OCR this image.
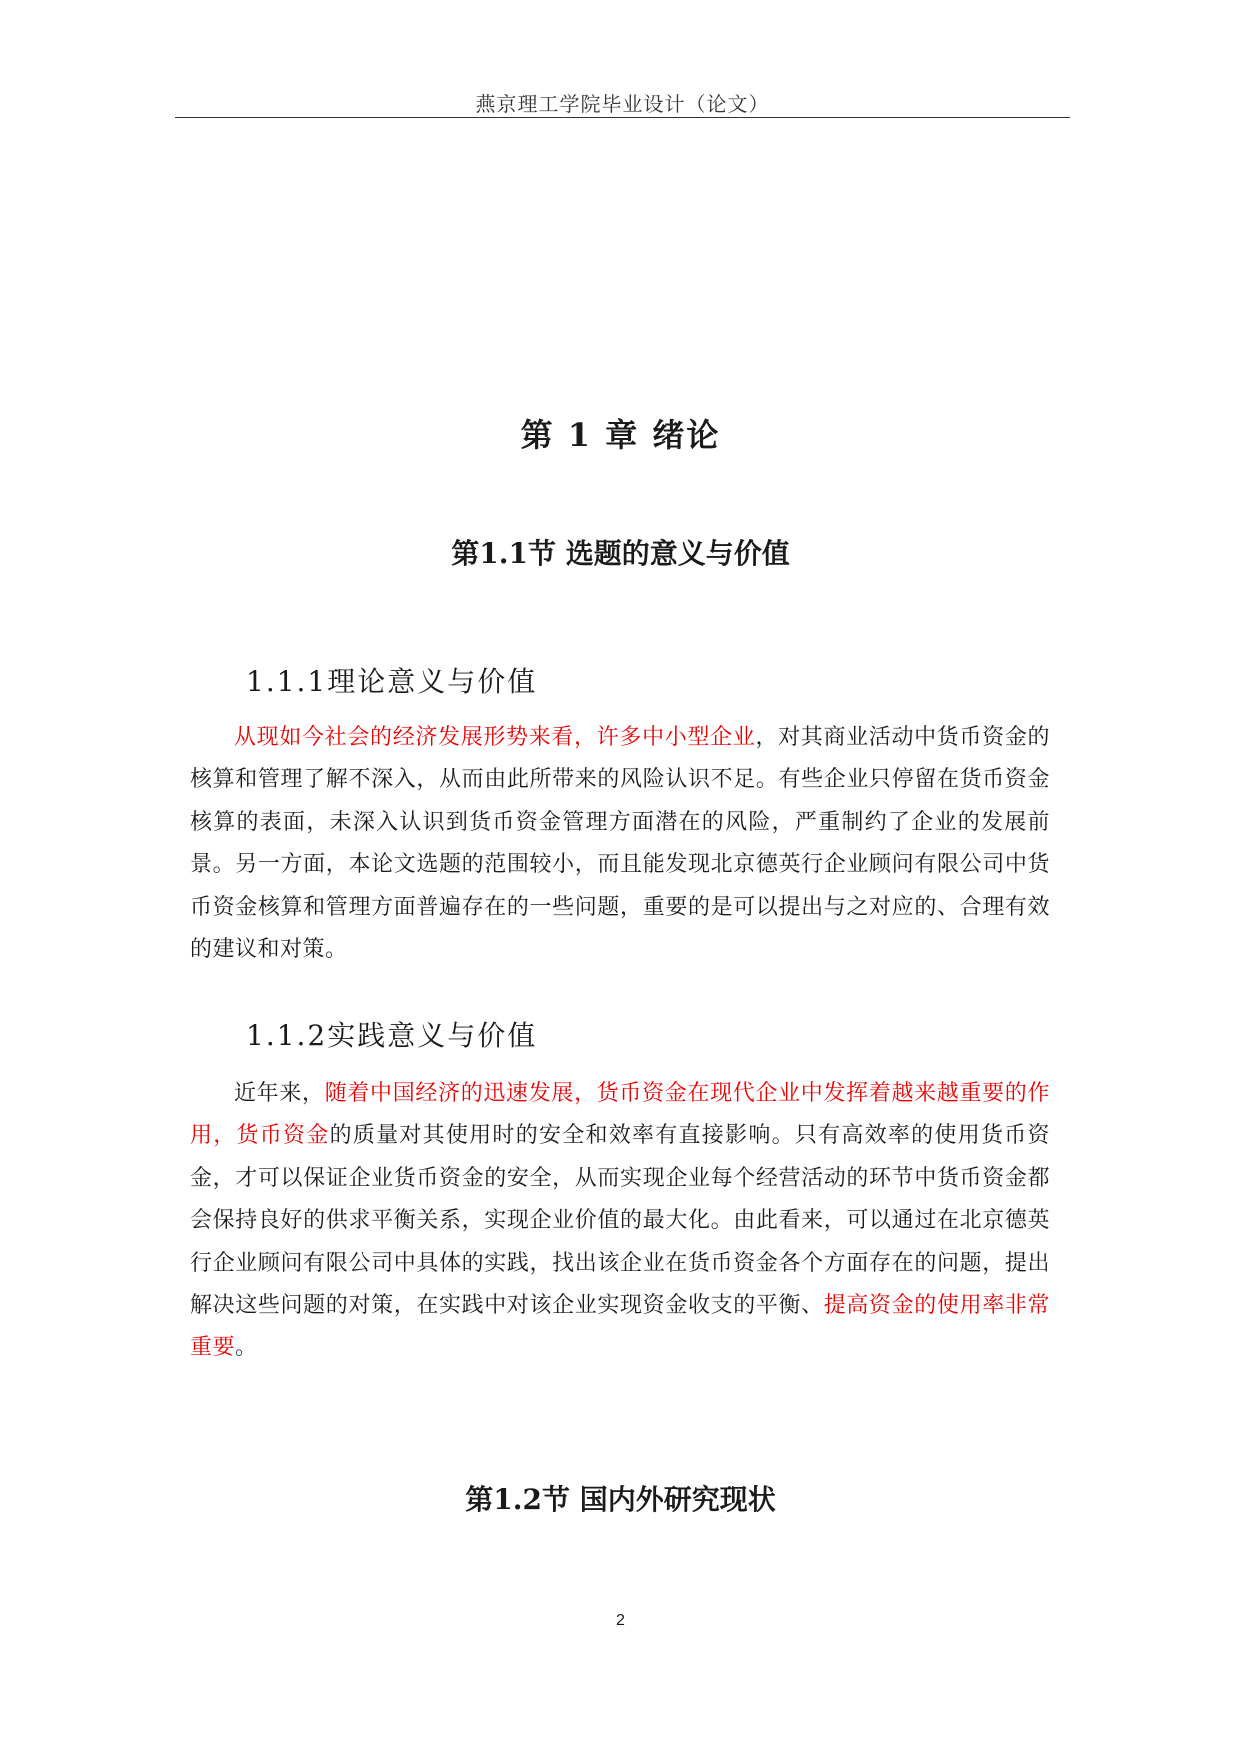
燕京理工学院毕业设计（论文）
第 1 章 绪论
第1.1节 选题的意义与价值
1.1.1理论意义与价值
从现如今社会的经济发展形势来看，许多中小型企业，对其商业活动中货币资金的核算和管理了解不深入，从而由此所带来的风险认识不足。有些企业只停留在货币资金核算的表面，未深入认识到货币资金管理方面潜在的风险，严重制约了企业的发展前景。另一方面，本论文选题的范围较小，而且能发现北京德英行企业顾问有限公司中货币资金核算和管理方面普遍存在的一些问题，重要的是可以提出与之对应的、合理有效的建议和对策。
1.1.2实践意义与价值
近年来，随着中国经济的迅速发展，货币资金在现代企业中发挥着越来越重要的作用，货币资金的质量对其使用时的安全和效率有直接影响。只有高效率的使用货币资金，才可以保证企业货币资金的安全，从而实现企业每个经营活动的环节中货币资金都会保持良好的供求平衡关系，实现企业价值的最大化。由此看来，可以通过在北京德英行企业顾问有限公司中具体的实践，找出该企业在货币资金各个方面存在的问题，提出解决这些问题的对策，在实践中对该企业实现资金收支的平衡、提高资金的使用率非常重要。
第1.2节 国内外研究现状
2
